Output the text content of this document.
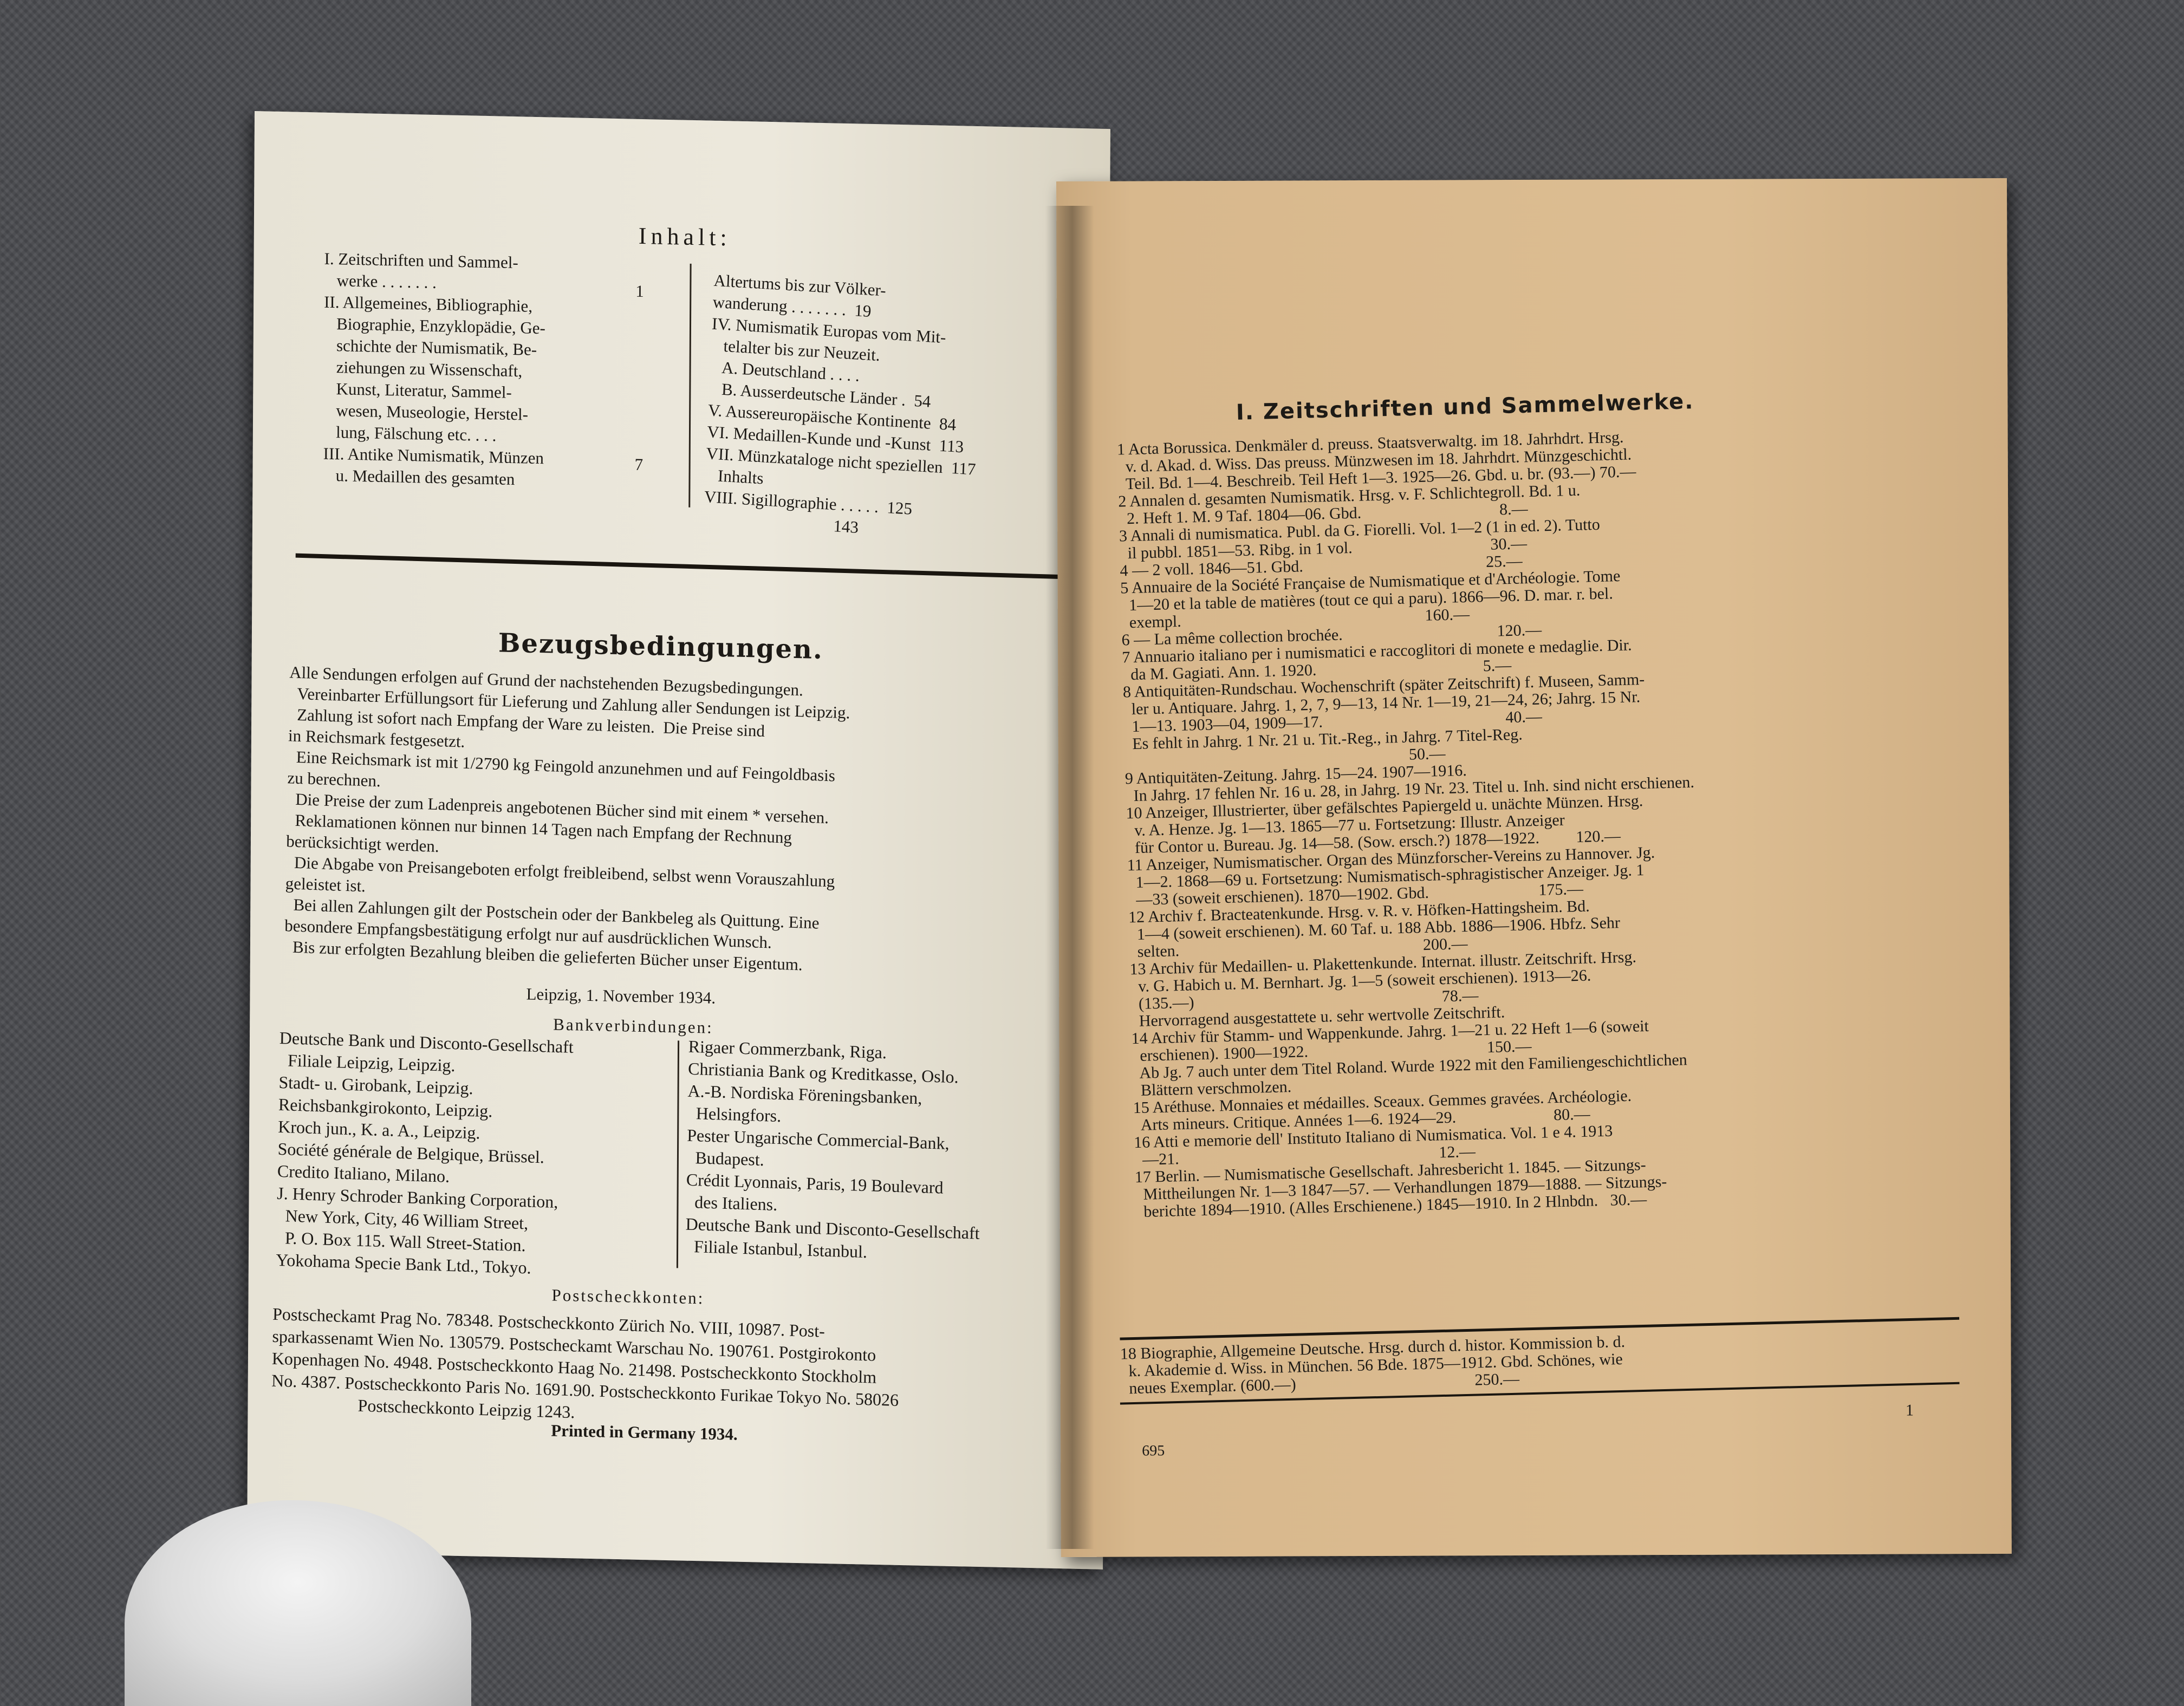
Inhalt:
I. Zeitschriften und Sammel-
werke . . . . . . .
II. Allgemeines, Bibliographie,
Biographie, Enzyklopädie, Ge-
schichte der Numismatik, Be-
ziehungen zu Wissenschaft,
Kunst, Literatur, Sammel-
wesen, Museologie, Herstel-
lung, Fälschung etc. . . .
III. Antike Numismatik, Münzen
u. Medaillen des gesamten
1

7
Altertums bis zur Völker-
wanderung . . . . . . .  19
IV. Numismatik Europas vom Mit-
telalter bis zur Neuzeit.
A. Deutschland . . . .
B. Ausserdeutsche Länder .  54
V. Aussereuropäische Kontinente  84
VI. Medaillen-Kunde und -Kunst  113
VII. Münzkataloge nicht speziellen  117
Inhalts
VIII. Sigillographie . . . . .  125
143
Bezugsbedingungen.
Alle Sendungen erfolgen auf Grund der nachstehenden Bezugsbedingungen.
Vereinbarter Erfüllungsort für Lieferung und Zahlung aller Sendungen ist Leipzig.
Zahlung ist sofort nach Empfang der Ware zu leisten.  Die Preise sind
in Reichsmark festgesetzt.
Eine Reichsmark ist mit 1/2790 kg Feingold anzunehmen und auf Feingoldbasis
zu berechnen.
Die Preise der zum Ladenpreis angebotenen Bücher sind mit einem * versehen.
Reklamationen können nur binnen 14 Tagen nach Empfang der Rechnung
berücksichtigt werden.
Die Abgabe von Preisangeboten erfolgt freibleibend, selbst wenn Vorauszahlung
geleistet ist.
Bei allen Zahlungen gilt der Postschein oder der Bankbeleg als Quittung. Eine
besondere Empfangsbestätigung erfolgt nur auf ausdrücklichen Wunsch.
Bis zur erfolgten Bezahlung bleiben die gelieferten Bücher unser Eigentum.
Leipzig, 1. November 1934.
Bankverbindungen:
Deutsche Bank und Disconto-Gesellschaft
Filiale Leipzig, Leipzig.
Stadt- u. Girobank, Leipzig.
Reichsbankgirokonto, Leipzig.
Kroch jun., K. a. A., Leipzig.
Société générale de Belgique, Brüssel.
Credito Italiano, Milano.
J. Henry Schroder Banking Corporation,
New York, City, 46 William Street,
P. O. Box 115. Wall Street-Station.
Yokohama Specie Bank Ltd., Tokyo.
Rigaer Commerzbank, Riga.
Christiania Bank og Kreditkasse, Oslo.
A.-B. Nordiska Föreningsbanken,
Helsingfors.
Pester Ungarische Commercial-Bank,
Budapest.
Crédit Lyonnais, Paris, 19 Boulevard
des Italiens.
Deutsche Bank und Disconto-Gesellschaft
Filiale Istanbul, Istanbul.
Postscheckkonten:
Postscheckamt Prag No. 78348. Postscheckkonto Zürich No. VIII, 10987. Post-
sparkassenamt Wien No. 130579. Postscheckamt Warschau No. 190761. Postgirokonto
Kopenhagen No. 4948. Postscheckkonto Haag No. 21498. Postscheckkonto Stockholm
No. 4387. Postscheckkonto Paris No. 1691.90. Postscheckkonto Furikae Tokyo No. 58026
Postscheckkonto Leipzig 1243.
Printed in Germany 1934.
I. Zeitschriften und Sammelwerke.
1 Acta Borussica. Denkmäler d. preuss. Staatsverwaltg. im 18. Jahrhdrt. Hrsg.
v. d. Akad. d. Wiss. Das preuss. Münzwesen im 18. Jahrhdrt. Münzgeschichtl.
Teil. Bd. 1—4. Beschreib. Teil Heft 1—3. 1925—26. Gbd. u. br. (93.—) 70.—
2 Annalen d. gesamten Numismatik. Hrsg. v. F. Schlichtegroll. Bd. 1 u.
2. Heft 1. M. 9 Taf. 1804—06. Gbd.                                  8.—
3 Annali di numismatica. Publ. da G. Fiorelli. Vol. 1—2 (1 in ed. 2). Tutto
il pubbl. 1851—53. Ribg. in 1 vol.                                  30.—
4 — 2 voll. 1846—51. Gbd.                                             25.—
5 Annuaire de la Société Française de Numismatique et d'Archéologie. Tome
1—20 et la table de matières (tout ce qui a paru). 1866—96. D. mar. r. bel.
exempl.                                                            160.—
6 — La même collection brochée.                                      120.—
7 Annuario italiano per i numismatici e raccoglitori di monete e medaglie. Dir.
da M. Gagiati. Ann. 1. 1920.                                         5.—
8 Antiquitäten-Rundschau. Wochenschrift (später Zeitschrift) f. Museen, Samm-
ler u. Antiquare. Jahrg. 1, 2, 7, 9—13, 14 Nr. 1—19, 21—24, 26; Jahrg. 15 Nr.
1—13. 1903—04, 1909—17.                                             40.—
Es fehlt in Jahrg. 1 Nr. 21 u. Tit.-Reg., in Jahrg. 7 Titel-Reg.
50.—
9 Antiquitäten-Zeitung. Jahrg. 15—24. 1907—1916.
In Jahrg. 17 fehlen Nr. 16 u. 28, in Jahrg. 19 Nr. 23. Titel u. Inh. sind nicht erschienen.
10 Anzeiger, Illustrierter, über gefälschtes Papiergeld u. unächte Münzen. Hrsg.
v. A. Henze. Jg. 1—13. 1865—77 u. Fortsetzung: Illustr. Anzeiger
für Contor u. Bureau. Jg. 14—58. (Sow. ersch.?) 1878—1922.         120.—
11 Anzeiger, Numismatischer. Organ des Münzforscher-Vereins zu Hannover. Jg.
1—2. 1868—69 u. Fortsetzung: Numismatisch-sphragistischer Anzeiger. Jg. 1
—33 (soweit erschienen). 1870—1902. Gbd.                           175.—
12 Archiv f. Bracteatenkunde. Hrsg. v. R. v. Höfken-Hattingsheim. Bd.
1—4 (soweit erschienen). M. 60 Taf. u. 188 Abb. 1886—1906. Hbfz. Sehr
selten.                                                            200.—
13 Archiv für Medaillen- u. Plakettenkunde. Internat. illustr. Zeitschrift. Hrsg.
v. G. Habich u. M. Bernhart. Jg. 1—5 (soweit erschienen). 1913—26.
(135.—)                                                             78.—
Hervorragend ausgestattete u. sehr wertvolle Zeitschrift.
14 Archiv für Stamm- und Wappenkunde. Jahrg. 1—21 u. 22 Heft 1—6 (soweit
erschienen). 1900—1922.                                            150.—
Ab Jg. 7 auch unter dem Titel Roland. Wurde 1922 mit den Familiengeschichtlichen
Blättern verschmolzen.
15 Aréthuse. Monnaies et médailles. Sceaux. Gemmes gravées. Archéologie.
Arts mineurs. Critique. Années 1—6. 1924—29.                        80.—
16 Atti e memorie dell' Instituto Italiano di Numismatica. Vol. 1 e 4. 1913
—21.                                                                12.—
17 Berlin. — Numismatische Gesellschaft. Jahresbericht 1. 1845. — Sitzungs-
Mittheilungen Nr. 1—3 1847—57. — Verhandlungen 1879—1888. — Sitzungs-
berichte 1894—1910. (Alles Erschienene.) 1845—1910. In 2 Hlnbdn.   30.—
18 Biographie, Allgemeine Deutsche. Hrsg. durch d. histor. Kommission b. d.
k. Akademie d. Wiss. in München. 56 Bde. 1875—1912. Gbd. Schönes, wie
neues Exemplar. (600.—)                                            250.—
1
695
